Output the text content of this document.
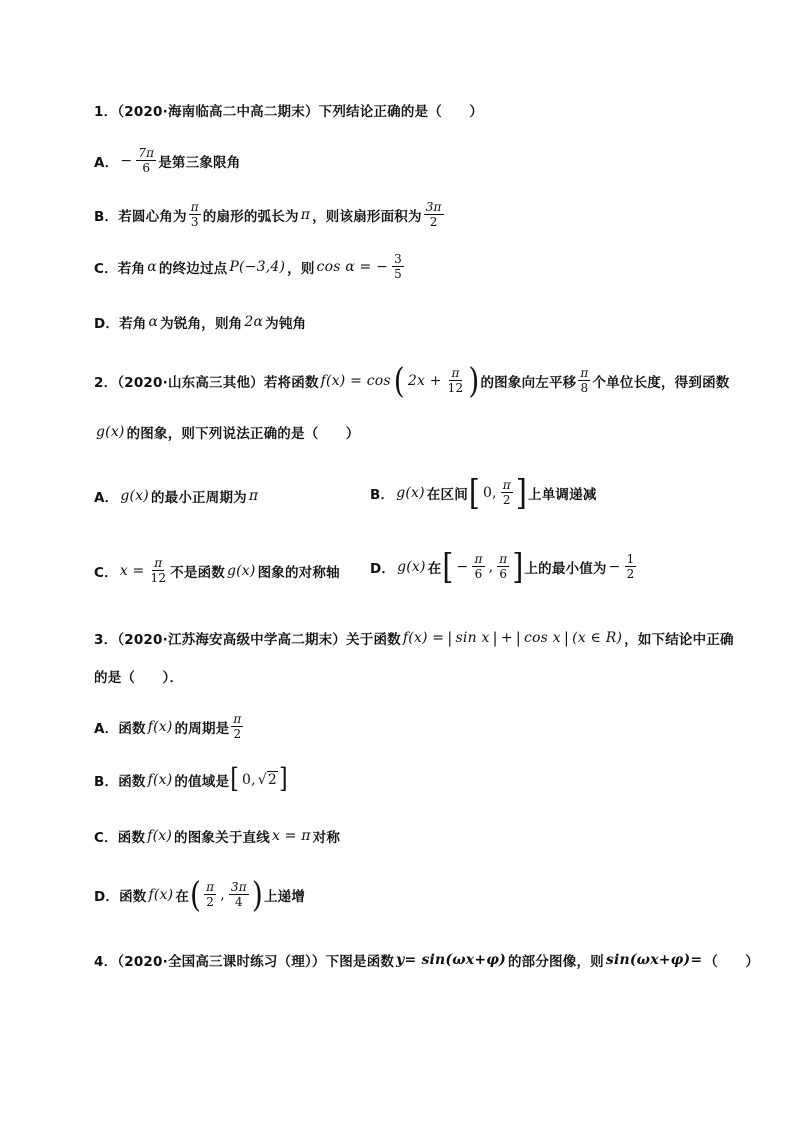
1．（2020·海南临高二中高二期末）下列结论正确的是（　　）
A． − $\frac{7\pi}{6}$ 是第三象限角
B．若圆心角为 $\frac{\pi}{3}$ 的扇形的弧长为 π ，则该扇形面积为 $\frac{3\pi}{2}$
C．若角 α 的终边过点 P(−3,4) ，则 cos α = − $\frac{3}{5}$
D．若角 α 为锐角，则角 2α 为钝角
2．（2020·山东高三其他）若将函数 f(x) = cos ( $2x + \frac{\pi}{12}$ ) 的图象向左平移 $\frac{\pi}{8}$ 个单位长度，得到函数
g(x) 的图象，则下列说法正确的是（　　）
A． g(x) 的最小正周期为 π	B． g(x) 在区间 [ 0, $\frac{\pi}{2}$ ] 上单调递减
C． $x = \frac{\pi}{12}$ 不是函数 g(x) 图象的对称轴 D． g(x) 在 [ − $\frac{\pi}{6}$ , $\frac{\pi}{6}$ ] 上的最小值为 − $\frac{1}{2}$
3．（2020·江苏海安高级中学高二期末）关于函数 f(x) = | sin x | + | cos x | (x ∈ R) ，如下结论中正确
的是（　　）．
A．函数 f(x) 的周期是 $\frac{\pi}{2}$
B．函数 f(x) 的值域是 [ 0, √2 ]
C．函数 f(x) 的图象关于直线 x = π 对称
D．函数 f(x) 在 ( $\frac{\pi}{2}$ , $\frac{3\pi}{4}$ ) 上递增
4．（2020·全国高三课时练习（理））下图是函数 y= sin(ωx+φ) 的部分图像，则 sin(ωx+φ)= （　　）
